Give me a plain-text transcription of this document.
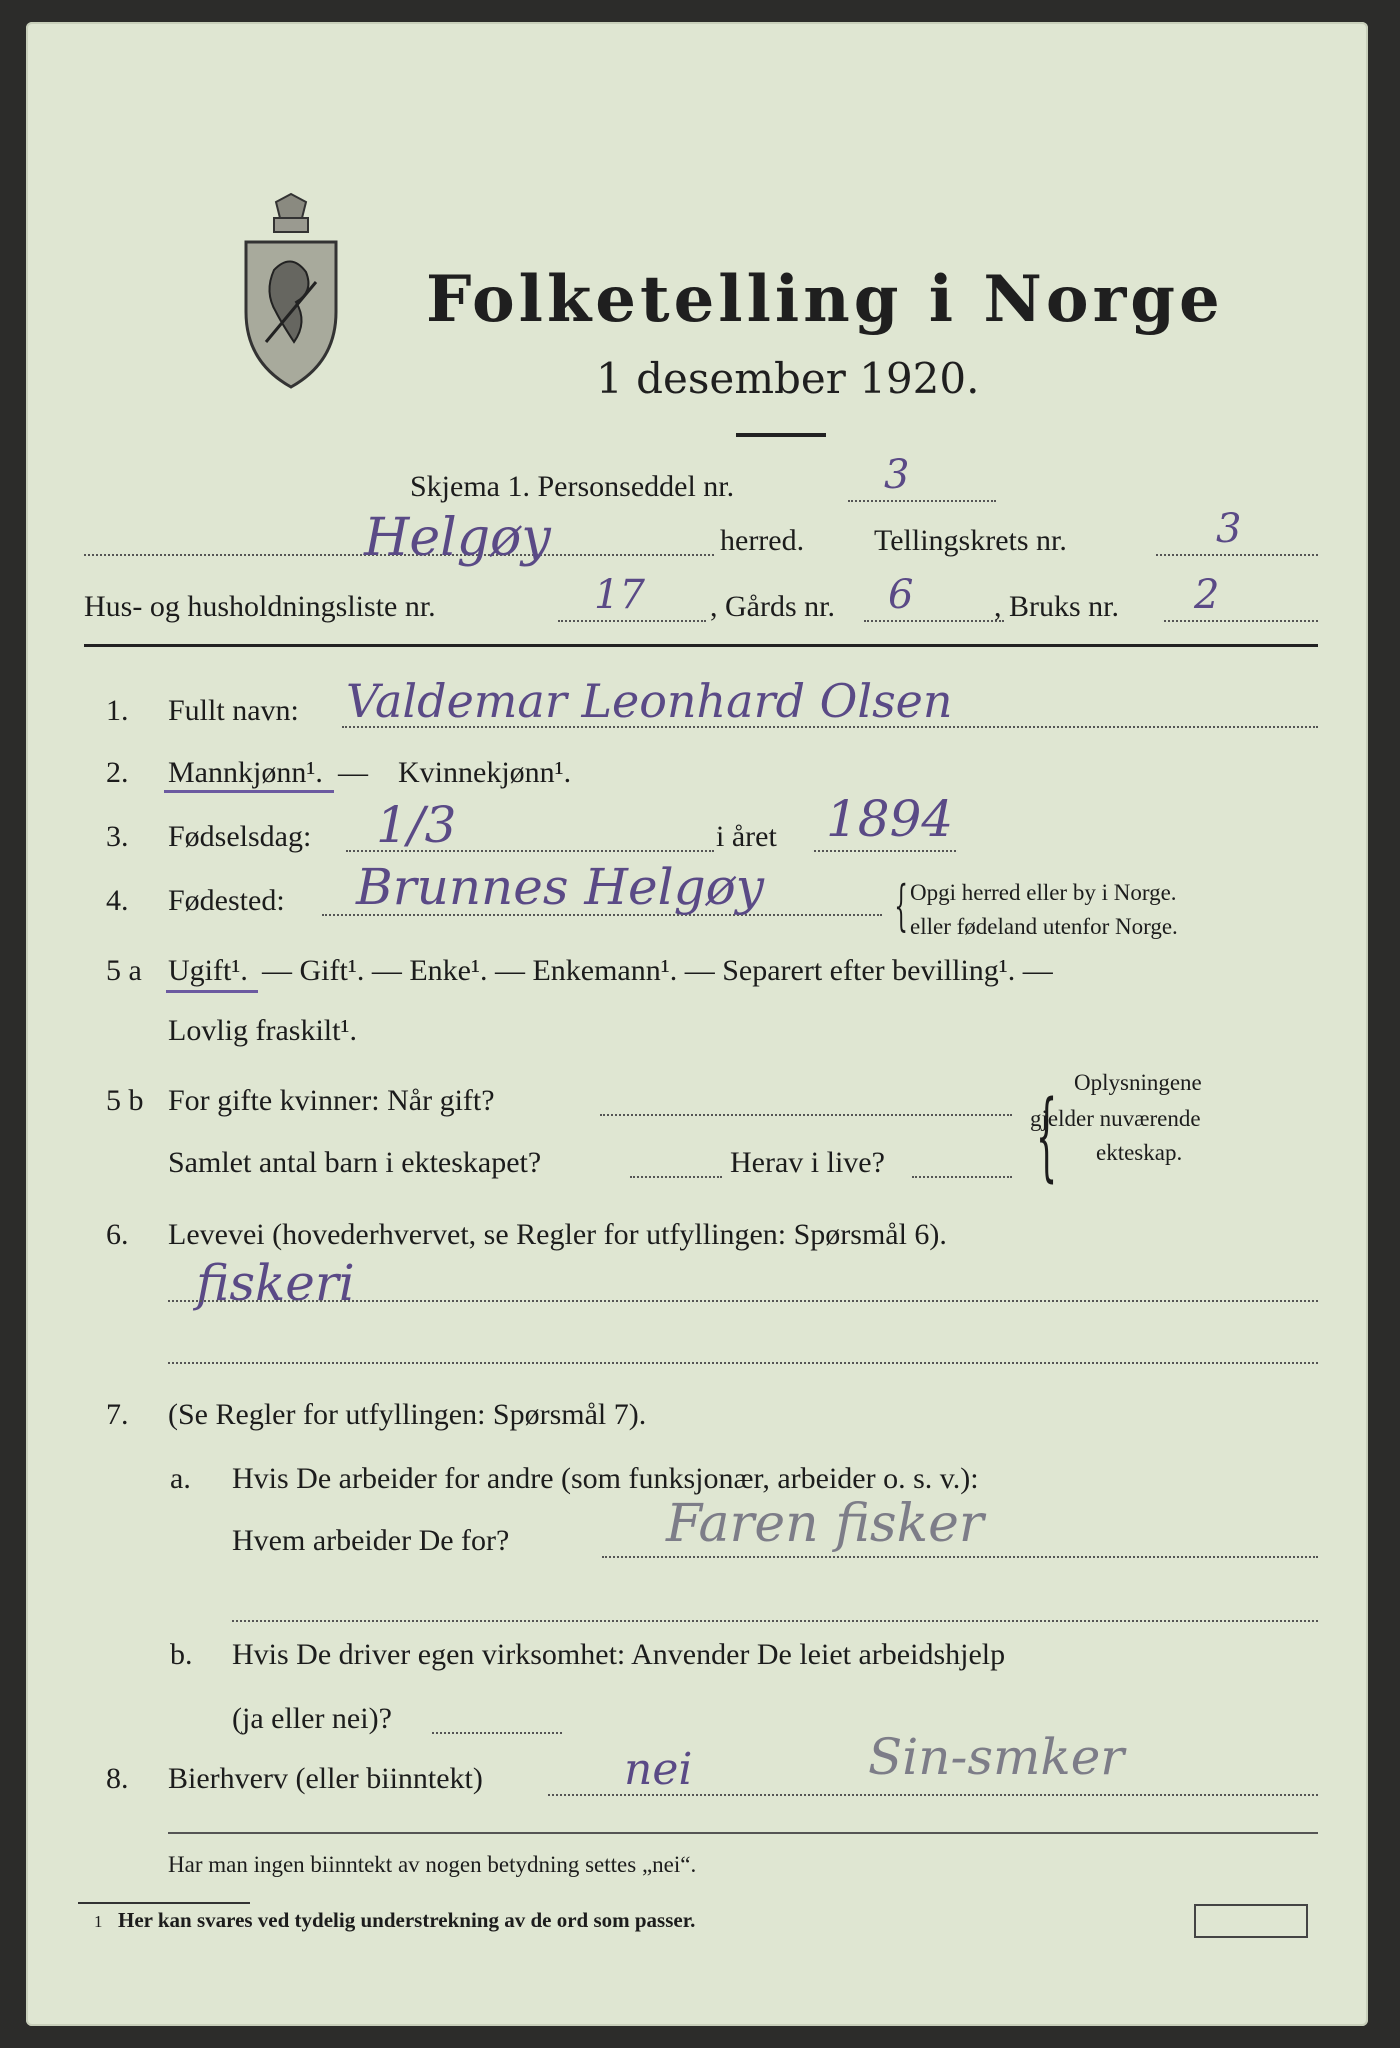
Folketelling i Norge
1 desember 1920.
Skjema 1. Personseddel nr.	3
Helgøy	herred. Tellingskrets nr.	3
Hus- og husholdningsliste nr.	17 , Gårds nr. 6	, Bruks nr. 2
1. Fullt navn: Valdemar Leonhard Olsen
2. Mannkjønn¹. — Kvinnekjønn¹.
3. Fødselsdag: 1/3	i året 1894
4. Fødested: Brunnes Helgøy { Opgi herred eller by i Norge.
eller fødeland utenfor Norge.
5 a Ugift¹. — Gift¹. — Enke¹. — Enkemann¹. — Separert efter bevilling¹. —
Lovlig fraskilt¹.
5 b For gifte kvinner: Når gift?
Samlet antal barn i ekteskapet?	Herav i live? { Oplysningene
gjelder nuværende
ekteskap.
6. Levevei (hovederhvervet, se Regler for utfyllingen: Spørsmål 6).
fiskeri
7. (Se Regler for utfyllingen: Spørsmål 7).
a. Hvis De arbeider for andre (som funksjonær, arbeider o. s. v.):
Hvem arbeider De for?	Faren fisker
b. Hvis De driver egen virksomhet: Anvender De leiet arbeidshjelp
(ja eller nei)?
8. Bierhverv (eller biinntekt)	nei	Sin-smker
Har man ingen biinntekt av nogen betydning settes „nei“.
1 Her kan svares ved tydelig understrekning av de ord som passer.
